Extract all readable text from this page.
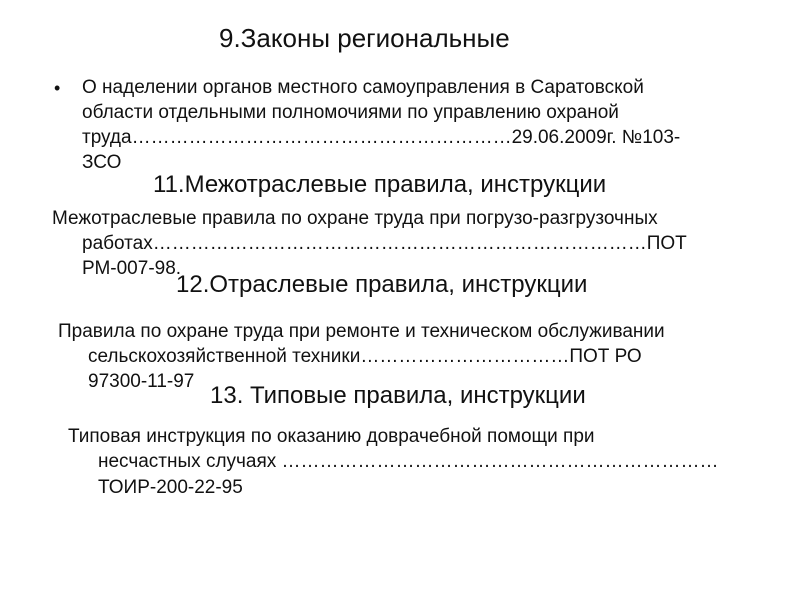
9.Законы региональные
• О наделении органов местного самоуправления в Саратовской
области отдельными полномочиями по управлению охраной
труда……………………………………………………29.06.2009г. №103-
ЗСО
11.Межотраслевые правила, инструкции
Межотраслевые правила по охране труда при погрузо-разгрузочных
работах……………………………………………………………………ПОТ
РМ-007-98.
12.Отраслевые правила, инструкции
Правила по охране труда при ремонте и техническом обслуживании
сельскохозяйственной техники……………………………ПОТ РО
97300-11-97
13. Типовые правила, инструкции
Типовая инструкция по оказанию доврачебной помощи при
несчастных случаях ……………………………………………………………
ТОИР-200-22-95
